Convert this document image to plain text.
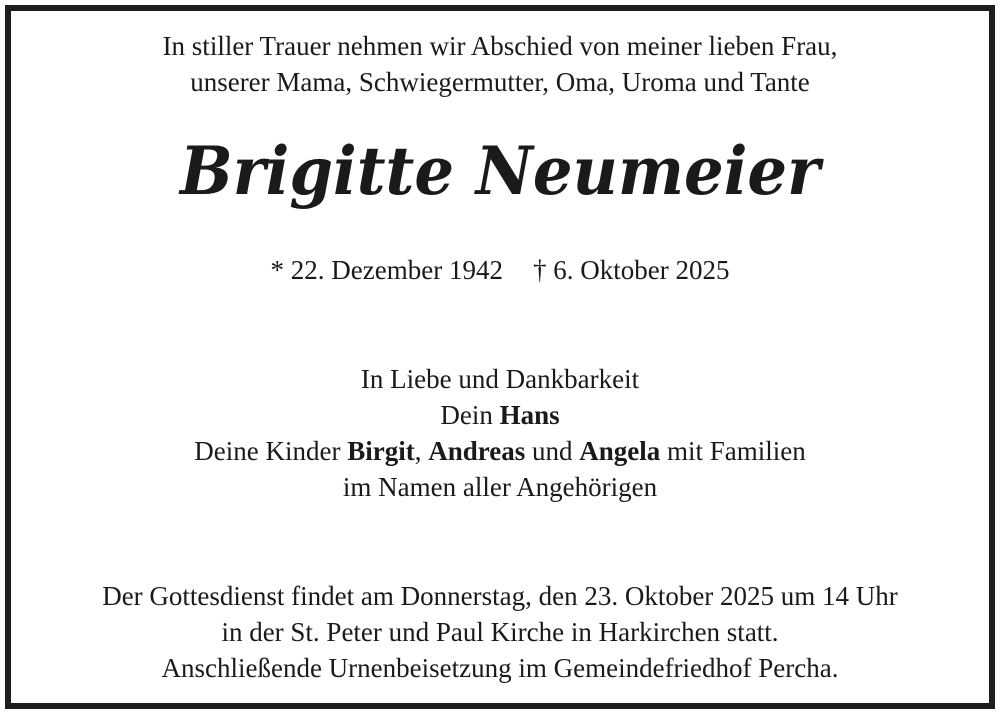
In stiller Trauer nehmen wir Abschied von meiner lieben Frau,
unserer Mama, Schwiegermutter, Oma, Uroma und Tante
Brigitte Neumeier
* 22. Dezember 1942 † 6. Oktober 2025
In Liebe und Dankbarkeit
Dein Hans
Deine Kinder Birgit, Andreas und Angela mit Familien
im Namen aller Angehörigen
Der Gottesdienst findet am Donnerstag, den 23. Oktober 2025 um 14 Uhr
in der St. Peter und Paul Kirche in Harkirchen statt.
Anschließende Urnenbeisetzung im Gemeindefriedhof Percha.
